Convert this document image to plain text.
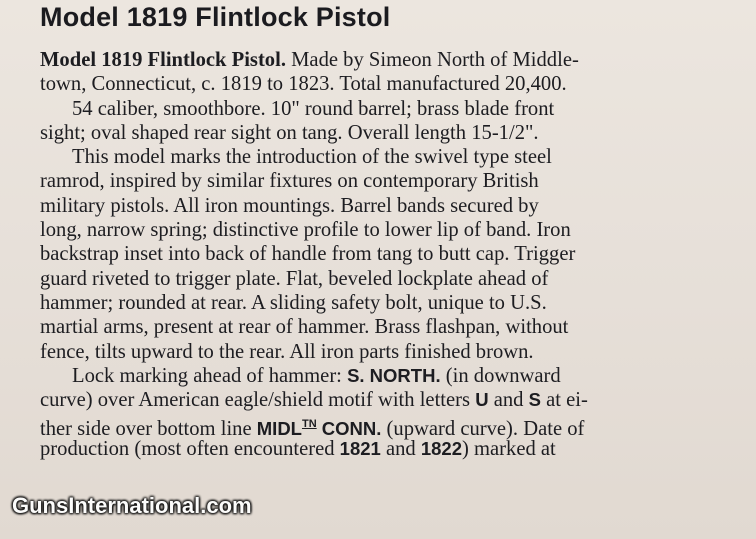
Model 1819 Flintlock Pistol
Model 1819 Flintlock Pistol. Made by Simeon North of Middle-
town, Connecticut, c. 1819 to 1823. Total manufactured 20,400.
54 caliber, smoothbore. 10" round barrel; brass blade front
sight; oval shaped rear sight on tang. Overall length 15-1/2".
This model marks the introduction of the swivel type steel
ramrod, inspired by similar fixtures on contemporary British
military pistols. All iron mountings. Barrel bands secured by
long, narrow spring; distinctive profile to lower lip of band. Iron
backstrap inset into back of handle from tang to butt cap. Trigger
guard riveted to trigger plate. Flat, beveled lockplate ahead of
hammer; rounded at rear. A sliding safety bolt, unique to U.S.
martial arms, present at rear of hammer. Brass flashpan, without
fence, tilts upward to the rear. All iron parts finished brown.
Lock marking ahead of hammer: S. NORTH. (in downward
curve) over American eagle/shield motif with letters U and S at ei-
ther side over bottom line $MIDL^{TN}$ CONN. (upward curve). Date of
production (most often encountered 1821 and 1822) marked at
GunsInternational.com
